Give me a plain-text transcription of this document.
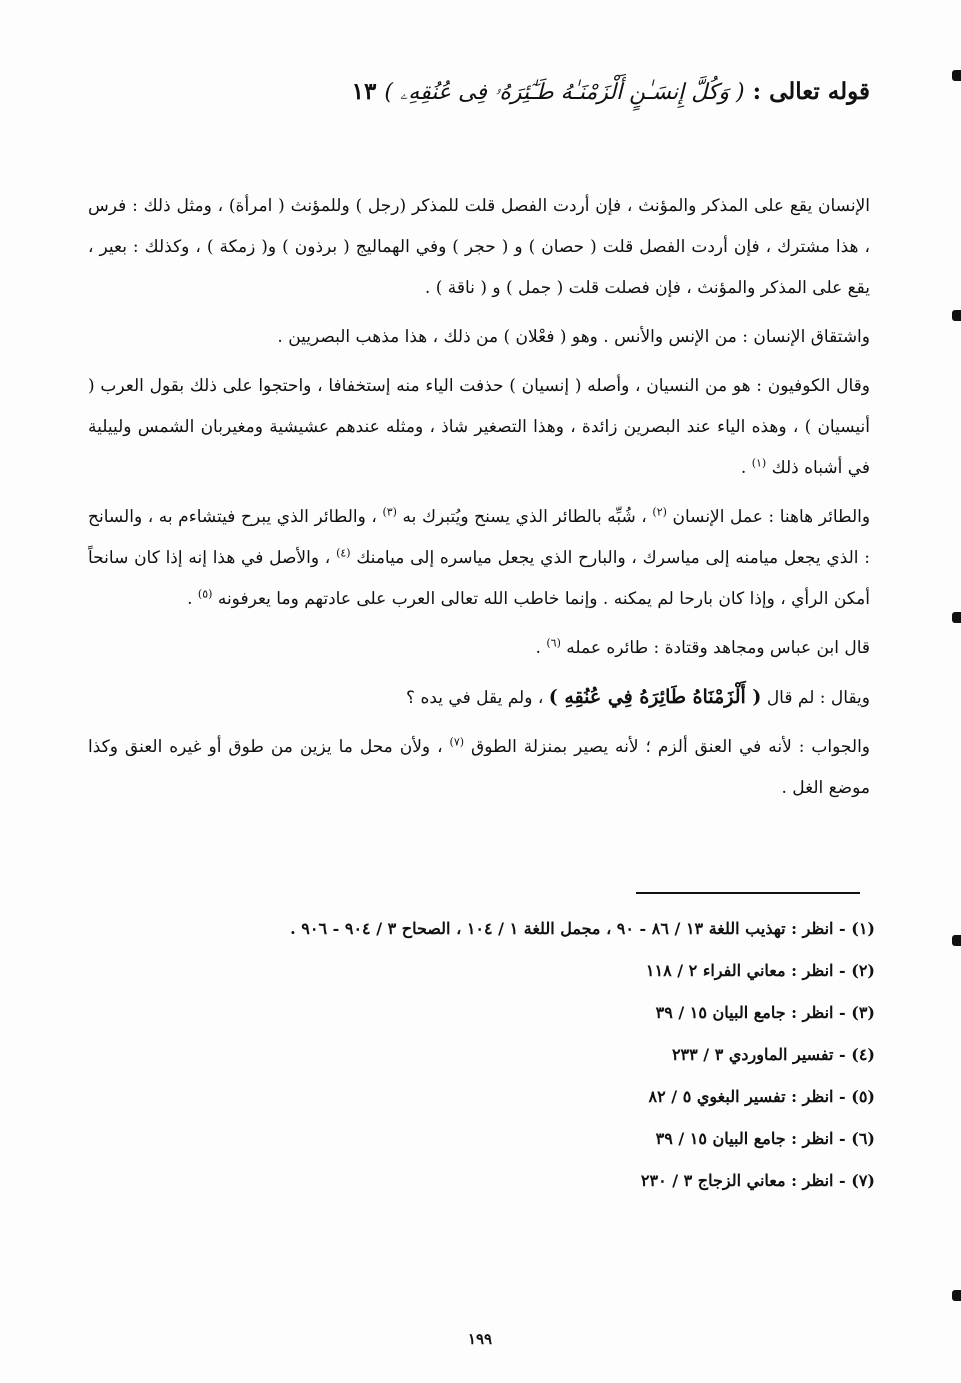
قوله تعالى : ( وَكُلَّ إِنسَـٰنٍ أَلْزَمْنَـٰهُ طَـٰٓئِرَهُۥ فِى عُنُقِهِۦ ) ١٣

الإنسان يقع على المذكر والمؤنث ، فإن أردت الفصل قلت للمذكر (رجل ) وللمؤنث ( امرأة) ، ومثل ذلك : فرس ، هذا مشترك ، فإن أردت الفصل قلت ( حصان ) و ( حجر ) وفي الهماليج ( برذون ) و( زمكة ) ، وكذلك : بعير ، يقع على المذكر والمؤنث ، فإن فصلت قلت ( جمل ) و ( ناقة ) .

واشتقاق الإنسان : من الإنس والأنس . وهو ( فعْلان ) من ذلك ، هذا مذهب البصريين .

وقال الكوفيون : هو من النسيان ، وأصله ( إنسيان ) حذفت الياء منه إستخفافا ، واحتجوا على ذلك بقول العرب ( أنيسيان ) ، وهذه الياء عند البصرين زائدة ، وهذا التصغير شاذ ، ومثله عندهم عشيشية ومغيربان الشمس ولييلية في أشباه ذلك $^{(١)}$ .

والطائر هاهنا : عمل الإنسان $^{(٢)}$ ، شُبِّه بالطائر الذي يسنح ويُتبرك به $^{(٣)}$ ، والطائر الذي يبرح فيتشاءم به ، والسانح : الذي يجعل ميامنه إلى مياسرك ، والبارح الذي يجعل مياسره إلى ميامنك $^{(٤)}$ ، والأصل في هذا إنه إذا كان سانحاً أمكن الرأي ، وإذا كان بارحا لم يمكنه . وإنما خاطب الله تعالى العرب على عادتهم وما يعرفونه $^{(٥)}$ .

قال ابن عباس ومجاهد وقتادة : طائره عمله $^{(٦)}$ .

ويقال : لم قال ( أَلْزَمْنَاهُ طَائِرَهُ فِي عُنُقِهِ ) ، ولم يقل في يده ؟

والجواب : لأنه في العنق ألزم ؛ لأنه يصير بمنزلة الطوق $^{(٧)}$ ، ولأن محل ما يزين من طوق أو غيره العنق وكذا موضع الغل .

(١) - انظر : تهذيب اللغة ١٣ / ٨٦ - ٩٠ ، مجمل اللغة ١ / ١٠٤ ، الصحاح ٣ / ٩٠٤ - ٩٠٦ .
(٢) - انظر : معاني الفراء ٢ / ١١٨
(٣) - انظر : جامع البيان ١٥ / ٣٩
(٤) - تفسير الماوردي ٣ / ٢٣٣
(٥) - انظر : تفسير البغوي ٥ / ٨٢
(٦) - انظر : جامع البيان ١٥ / ٣٩
(٧) - انظر : معاني الزجاج ٣ / ٢٣٠
١٩٩
